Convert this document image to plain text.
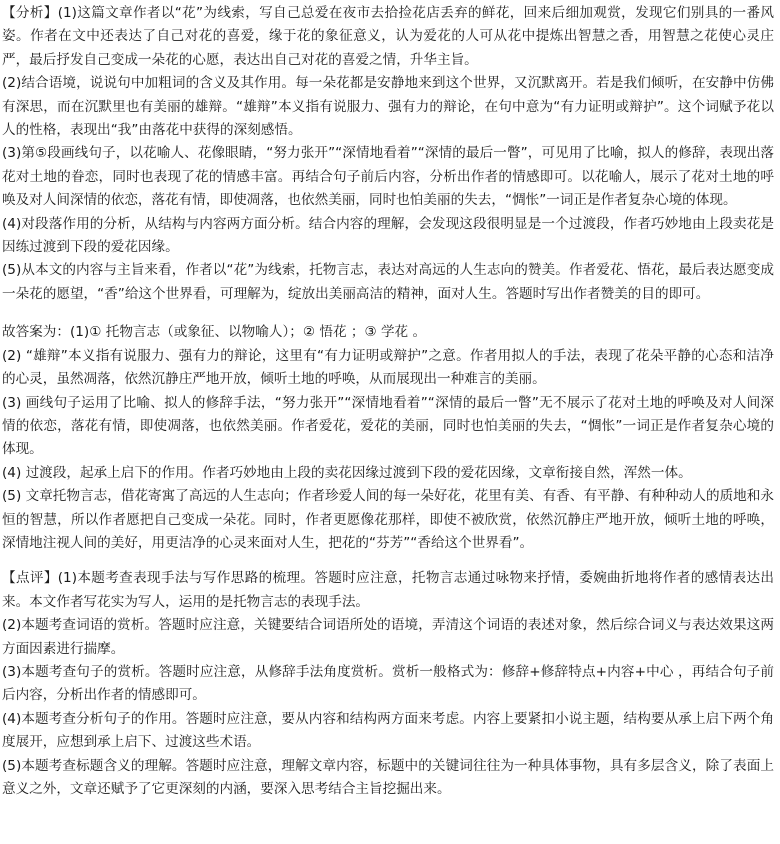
【分析】(1)这篇文章作者以“花”为线索，写自己总爱在夜市去拾捡花店丢弃的鲜花，回来后细加观赏，发现它们别具的一番风姿。作者在文中还表达了自己对花的喜爱，缘于花的象征意义，认为爱花的人可从花中提炼出智慧之香，用智慧之花使心灵庄严，最后抒发自己变成一朵花的心愿，表达出自己对花的喜爱之情，升华主旨。

(2)结合语境，说说句中加粗词的含义及其作用。每一朵花都是安静地来到这个世界，又沉默离开。若是我们倾听，在安静中仿佛有深思，而在沉默里也有美丽的雄辩。“雄辩”本义指有说服力、强有力的辩论，在句中意为“有力证明或辩护”。这个词赋予花以人的性格，表现出“我”由落花中获得的深刻感悟。

(3)第⑤段画线句子，以花喻人、花像眼睛，“努力张开”“深情地看着”“深情的最后一瞥”，可见用了比喻，拟人的修辞，表现出落花对土地的眷恋，同时也表现了花的情感丰富。再结合句子前后内容，分析出作者的情感即可。以花喻人，展示了花对土地的呼唤及对人间深情的依恋，落花有情，即使凋落，也依然美丽，同时也怕美丽的失去，“惆怅”一词正是作者复杂心境的体现。

(4)对段落作用的分析，从结构与内容两方面分析。结合内容的理解，会发现这段很明显是一个过渡段，作者巧妙地由上段卖花是因练过渡到下段的爱花因缘。

(5)从本文的内容与主旨来看，作者以“花”为线索，托物言志，表达对高远的人生志向的赞美。作者爱花、悟花，最后表达愿变成一朵花的愿望，“香”给这个世界看，可理解为，绽放出美丽高洁的精神，面对人生。答题时写出作者赞美的目的即可。

故答案为：(1)① 托物言志（或象征、以物喻人）；② 悟花 ；③ 学花 。

(2) “雄辩”本义指有说服力、强有力的辩论，这里有“有力证明或辩护”之意。作者用拟人的手法，表现了花朵平静的心态和洁净的心灵，虽然凋落，依然沉静庄严地开放，倾听土地的呼唤，从而展现出一种难言的美丽。

(3) 画线句子运用了比喻、拟人的修辞手法，“努力张开”“深情地看着”“深情的最后一瞥”无不展示了花对土地的呼唤及对人间深情的依恋，落花有情，即使凋落，也依然美丽。作者爱花，爱花的美丽，同时也怕美丽的失去，“惆怅”一词正是作者复杂心境的体现。

(4) 过渡段，起承上启下的作用。作者巧妙地由上段的卖花因缘过渡到下段的爱花因缘，文章衔接自然，浑然一体。

(5) 文章托物言志，借花寄寓了高远的人生志向；作者珍爱人间的每一朵好花，花里有美、有香、有平静、有种种动人的质地和永恒的智慧，所以作者愿把自己变成一朵花。同时，作者更愿像花那样，即使不被欣赏，依然沉静庄严地开放，倾听土地的呼唤，深情地注视人间的美好，用更洁净的心灵来面对人生，把花的“芬芳”“香给这个世界看”。

【点评】(1)本题考查表现手法与写作思路的梳理。答题时应注意，托物言志通过咏物来抒情，委婉曲折地将作者的感情表达出来。本文作者写花实为写人，运用的是托物言志的表现手法。

(2)本题考查词语的赏析。答题时应注意，关键要结合词语所处的语境，弄清这个词语的表述对象，然后综合词义与表达效果这两方面因素进行揣摩。

(3)本题考查句子的赏析。答题时应注意，从修辞手法角度赏析。赏析一般格式为：修辞+修辞特点+内容+中心 ，再结合句子前后内容，分析出作者的情感即可。

(4)本题考查分析句子的作用。答题时应注意，要从内容和结构两方面来考虑。内容上要紧扣小说主题，结构要从承上启下两个角度展开，应想到承上启下、过渡这些术语。

(5)本题考查标题含义的理解。答题时应注意，理解文章内容，标题中的关键词往往为一种具体事物，具有多层含义，除了表面上意义之外，文章还赋予了它更深刻的内涵，要深入思考结合主旨挖掘出来。
